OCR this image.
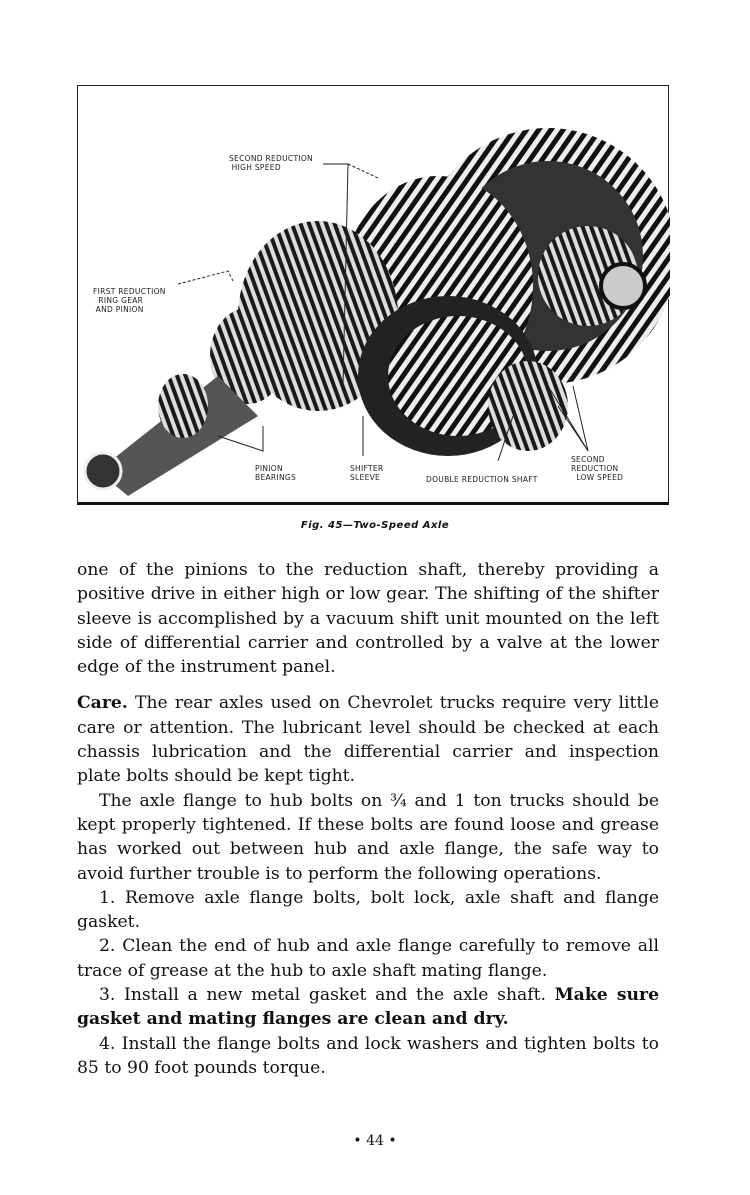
SECOND REDUCTION
HIGH SPEED
FIRST REDUCTION
RING GEAR
AND PINION
PINION
BEARINGS
SHIFTER
SLEEVE	DOUBLE REDUCTION SHAFT
SECOND
REDUCTION
LOW SPEED
Fig. 45—Two-Speed Axle

one of the pinions to the reduction shaft, thereby providing a positive drive in either high or low gear. The shifting of the shifter sleeve is accomplished by a vacuum shift unit mounted on the left side of differential carrier and controlled by a valve at the lower edge of the instrument panel.

Care. The rear axles used on Chevrolet trucks require very little care or attention. The lubricant level should be checked at each chassis lubrication and the differential carrier and inspection plate bolts should be kept tight.

The axle flange to hub bolts on ¾ and 1 ton trucks should be kept properly tightened. If these bolts are found loose and grease has worked out between hub and axle flange, the safe way to avoid further trouble is to perform the following operations.

1. Remove axle flange bolts, bolt lock, axle shaft and flange gasket.

2. Clean the end of hub and axle flange carefully to remove all trace of grease at the hub to axle shaft mating flange.

3. Install a new metal gasket and the axle shaft. Make sure gasket and mating flanges are clean and dry.

4. Install the flange bolts and lock washers and tighten bolts to 85 to 90 foot pounds torque.

• 44 •
